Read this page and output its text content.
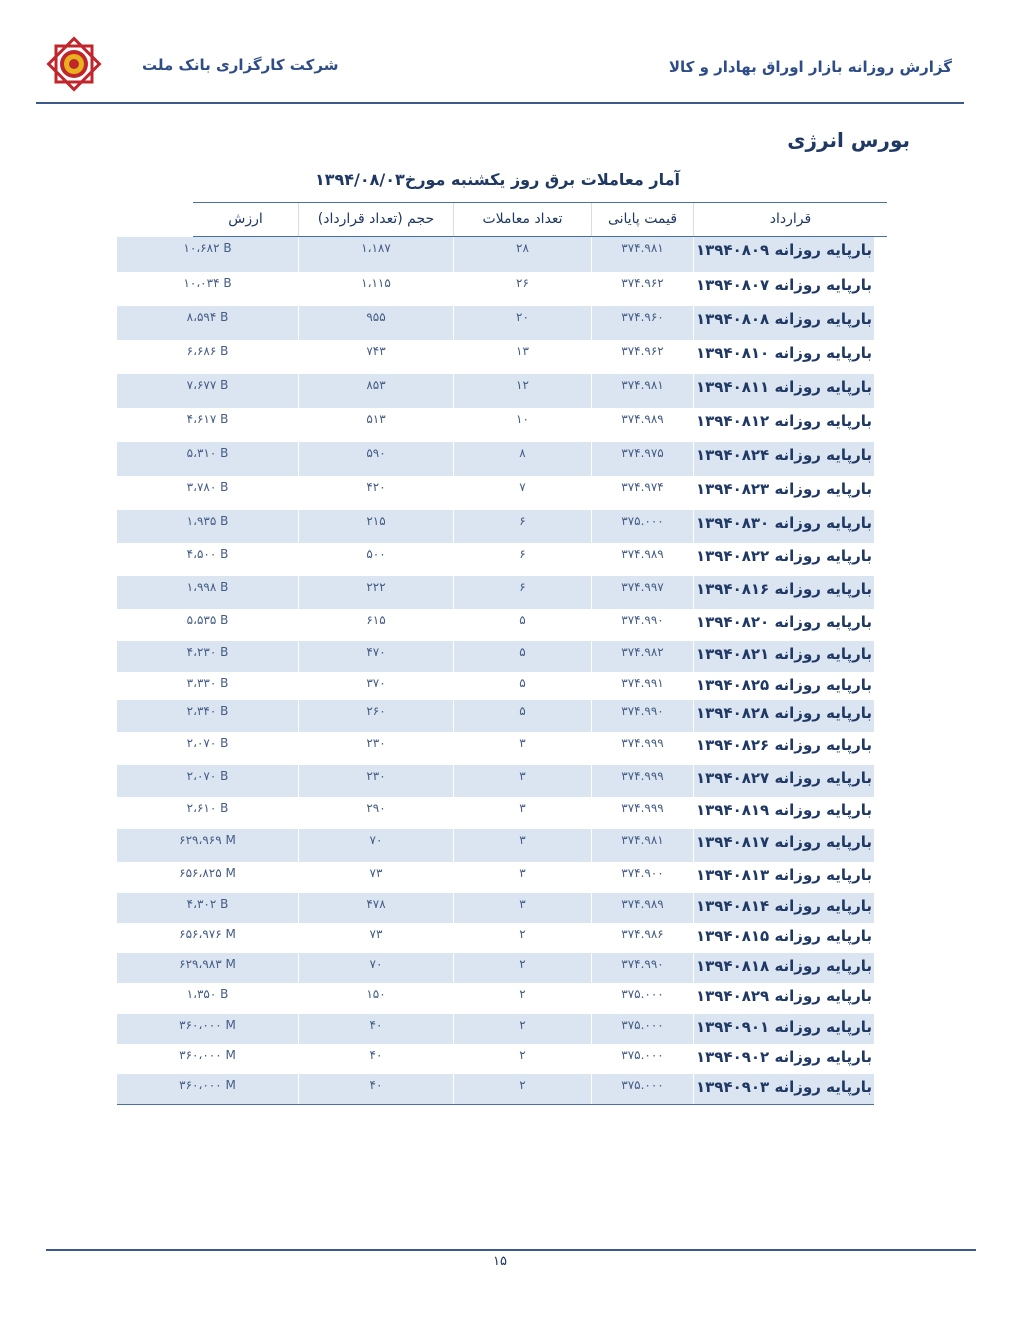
شرکت کارگزاری بانک ملت	گزارش روزانه بازار اوراق بهادار و کالا
بورس انرژی
آمار معاملات برق روز یکشنبه مورخ۱۳۹۴/۰۸/۰۳
ارزش	حجم (تعداد قرارداد)	تعداد معاملات	قیمت پایانی	قرارداد
۱۰،۶۸۲ B	۱،۱۸۷	۲۸	۳۷۴.۹۸۱	بارپایه روزانه ۱۳۹۴۰۸۰۹
۱۰،۰۳۴ B	۱،۱۱۵	۲۶	۳۷۴.۹۶۲	بارپایه روزانه ۱۳۹۴۰۸۰۷
۸،۵۹۴ B	۹۵۵	۲۰	۳۷۴.۹۶۰	بارپایه روزانه ۱۳۹۴۰۸۰۸
۶،۶۸۶ B	۷۴۳	۱۳	۳۷۴.۹۶۲	بارپایه روزانه ۱۳۹۴۰۸۱۰
۷،۶۷۷ B	۸۵۳	۱۲	۳۷۴.۹۸۱	بارپایه روزانه ۱۳۹۴۰۸۱۱
۴،۶۱۷ B	۵۱۳	۱۰	۳۷۴.۹۸۹	بارپایه روزانه ۱۳۹۴۰۸۱۲
۵،۳۱۰ B	۵۹۰	۸	۳۷۴.۹۷۵	بارپایه روزانه ۱۳۹۴۰۸۲۴
۳،۷۸۰ B	۴۲۰	۷	۳۷۴.۹۷۴	بارپایه روزانه ۱۳۹۴۰۸۲۳
۱،۹۳۵ B	۲۱۵	۶	۳۷۵.۰۰۰	بارپایه روزانه ۱۳۹۴۰۸۳۰
۴،۵۰۰ B	۵۰۰	۶	۳۷۴.۹۸۹	بارپایه روزانه ۱۳۹۴۰۸۲۲
۱،۹۹۸ B	۲۲۲	۶	۳۷۴.۹۹۷	بارپایه روزانه ۱۳۹۴۰۸۱۶
۵،۵۳۵ B	۶۱۵	۵	۳۷۴.۹۹۰	بارپایه روزانه ۱۳۹۴۰۸۲۰
۴،۲۳۰ B	۴۷۰	۵	۳۷۴.۹۸۲	بارپایه روزانه ۱۳۹۴۰۸۲۱
۳،۳۳۰ B	۳۷۰	۵	۳۷۴.۹۹۱	بارپایه روزانه ۱۳۹۴۰۸۲۵
۲،۳۴۰ B	۲۶۰	۵	۳۷۴.۹۹۰	بارپایه روزانه ۱۳۹۴۰۸۲۸
۲،۰۷۰ B	۲۳۰	۳	۳۷۴.۹۹۹	بارپایه روزانه ۱۳۹۴۰۸۲۶
۲،۰۷۰ B	۲۳۰	۳	۳۷۴.۹۹۹	بارپایه روزانه ۱۳۹۴۰۸۲۷
۲،۶۱۰ B	۲۹۰	۳	۳۷۴.۹۹۹	بارپایه روزانه ۱۳۹۴۰۸۱۹
۶۲۹،۹۶۹ M	۷۰	۳	۳۷۴.۹۸۱	بارپایه روزانه ۱۳۹۴۰۸۱۷
۶۵۶،۸۲۵ M	۷۳	۳	۳۷۴.۹۰۰	بارپایه روزانه ۱۳۹۴۰۸۱۳
۴،۳۰۲ B	۴۷۸	۳	۳۷۴.۹۸۹	بارپایه روزانه ۱۳۹۴۰۸۱۴
۶۵۶،۹۷۶ M	۷۳	۲	۳۷۴.۹۸۶	بارپایه روزانه ۱۳۹۴۰۸۱۵
۶۲۹،۹۸۳ M	۷۰	۲	۳۷۴.۹۹۰	بارپایه روزانه ۱۳۹۴۰۸۱۸
۱،۳۵۰ B	۱۵۰	۲	۳۷۵.۰۰۰	بارپایه روزانه ۱۳۹۴۰۸۲۹
۳۶۰،۰۰۰ M	۴۰	۲	۳۷۵.۰۰۰	بارپایه روزانه ۱۳۹۴۰۹۰۱
۳۶۰،۰۰۰ M	۴۰	۲	۳۷۵.۰۰۰	بارپایه روزانه ۱۳۹۴۰۹۰۲
۳۶۰،۰۰۰ M	۴۰	۲	۳۷۵.۰۰۰	بارپایه روزانه ۱۳۹۴۰۹۰۳
۱۵
